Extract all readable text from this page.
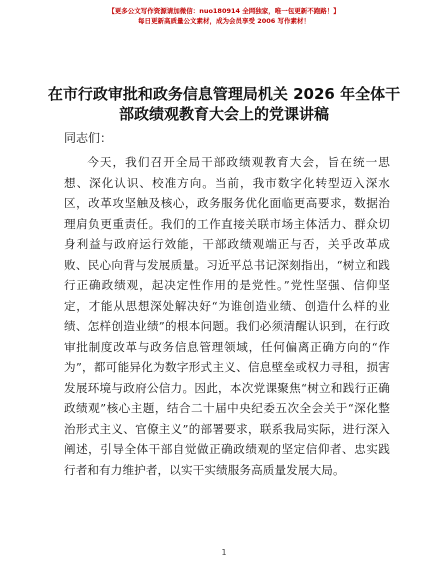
【更多公文写作资源请加微信：nuo180914 全网独家，唯一包更新不跑路！】
每日更新高质量公文素材，成为会员享受 2006 写作素材！
在市行政审批和政务信息管理局机关 2026 年全体干部政绩观教育大会上的党课讲稿
同志们：

今天，我们召开全局干部政绩观教育大会，旨在统一思想、深化认识、校准方向。当前，我市数字化转型迈入深水区，改革攻坚触及核心，政务服务优化面临更高要求，数据治理肩负更重责任。我们的工作直接关联市场主体活力、群众切身利益与政府运行效能，干部政绩观端正与否，关乎改革成败、民心向背与发展质量。习近平总书记深刻指出，“树立和践行正确政绩观，起决定性作用的是党性。”党性坚强、信仰坚定，才能从思想深处解决好“为谁创造业绩、创造什么样的业绩、怎样创造业绩”的根本问题。我们必须清醒认识到，在行政审批制度改革与政务信息管理领域，任何偏离正确方向的“作为”，都可能异化为数字形式主义、信息壁垒或权力寻租，损害发展环境与政府公信力。因此，本次党课聚焦“树立和践行正确政绩观”核心主题，结合二十届中央纪委五次全会关于“深化整治形式主义、官僚主义”的部署要求，联系我局实际，进行深入阐述，引导全体干部自觉做正确政绩观的坚定信仰者、忠实践行者和有力维护者，以实干实绩服务高质量发展大局。

1
